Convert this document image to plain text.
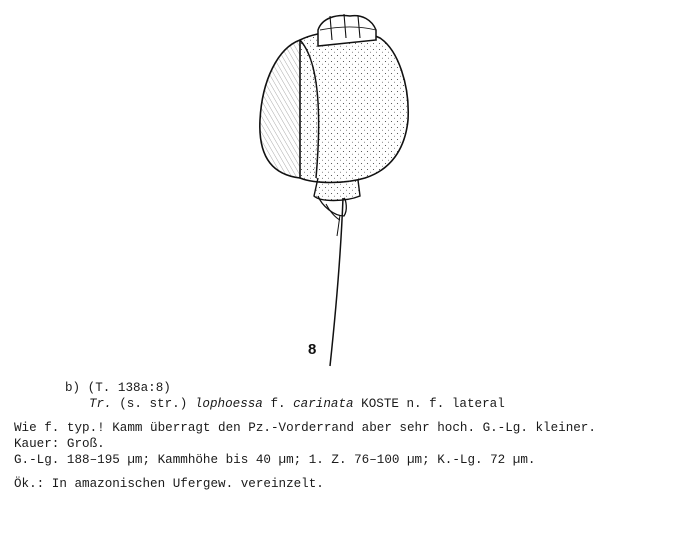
8
b) (T. 138a:8)
Tr. (s. str.) lophoessa f. carinata KOSTE n. f. lateral
Wie f. typ.! Kamm überragt den Pz.-Vorderrand aber sehr hoch. G.-Lg. kleiner.
Kauer: Groß.
G.-Lg. 188–195 µm; Kammhöhe bis 40 µm; 1. Z. 76–100 µm; K.-Lg. 72 µm.
Ök.: In amazonischen Ufergew. vereinzelt.
